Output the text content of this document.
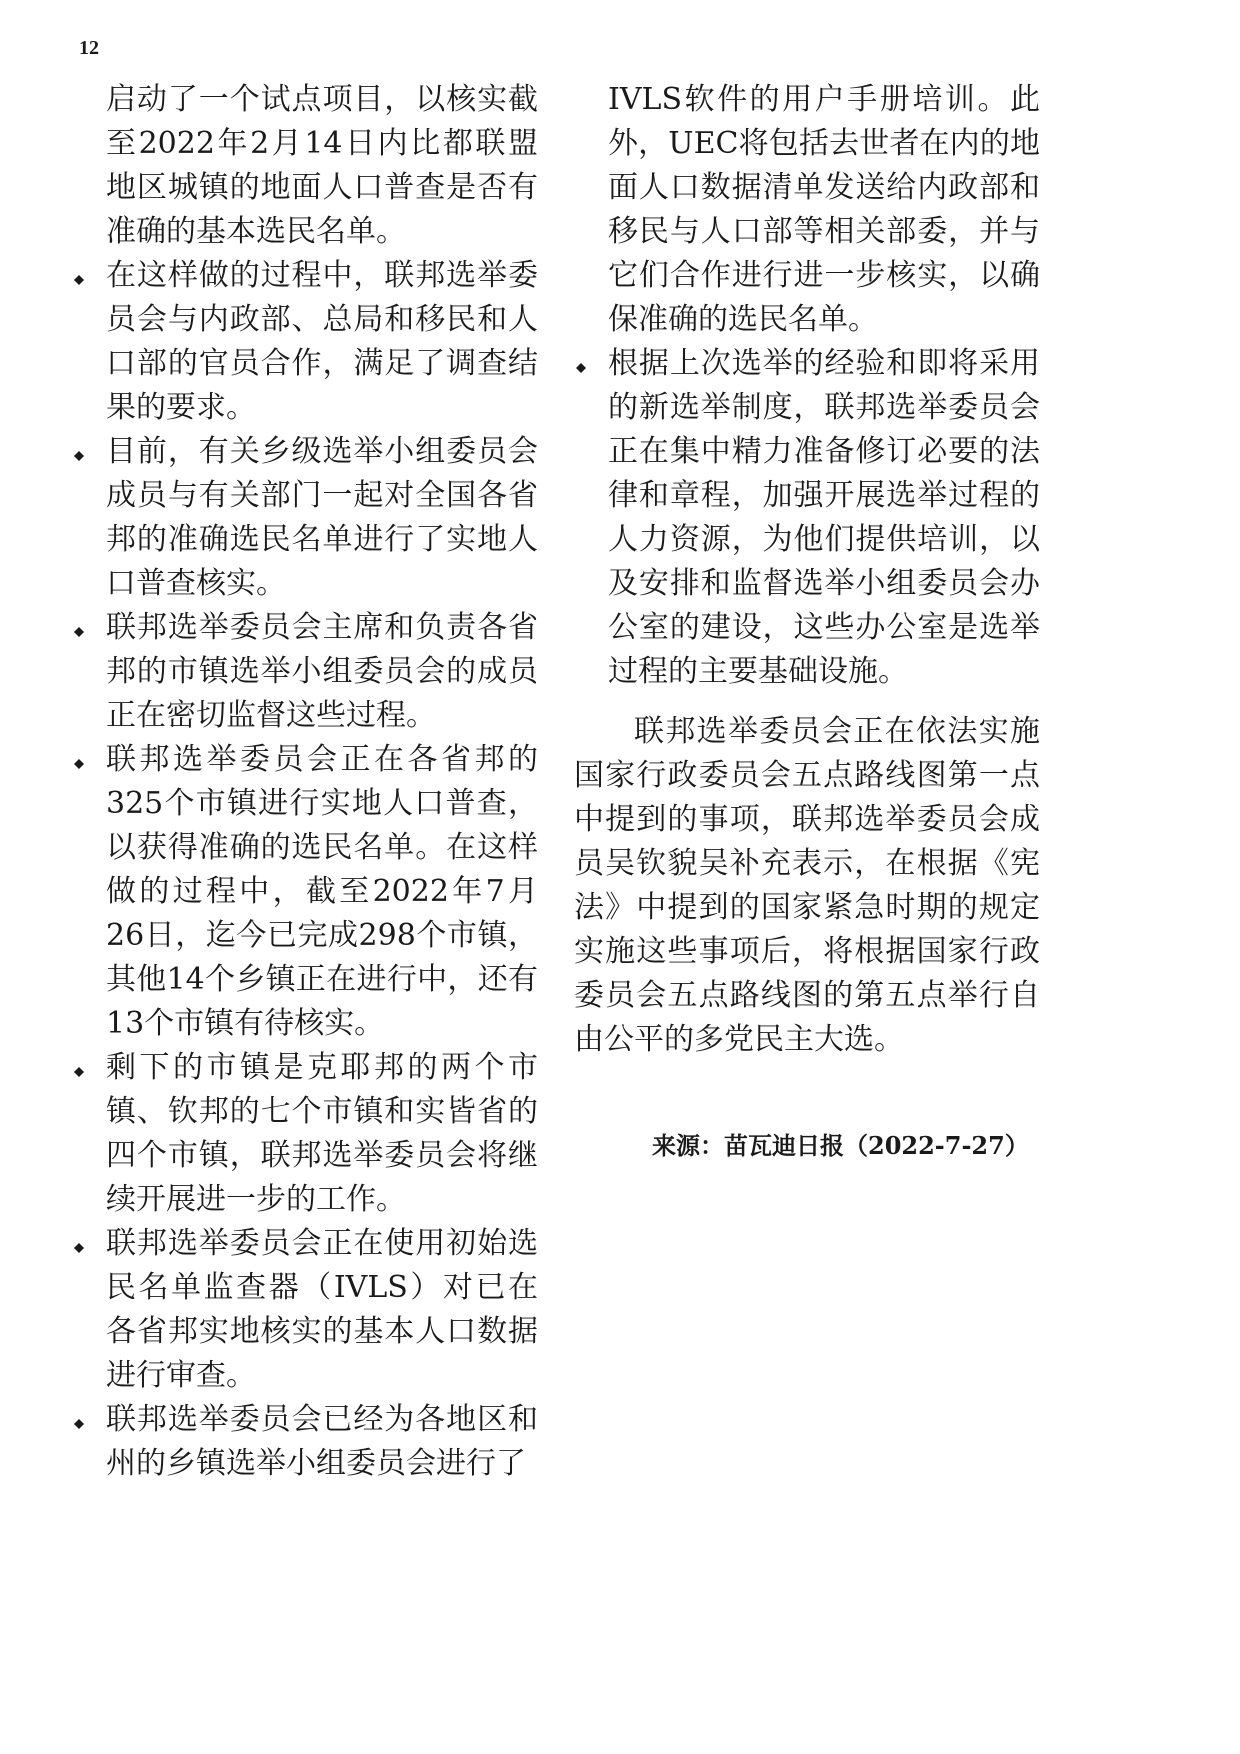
12

启动了一个试点项目，以核实截至2022年2月14日内比都联盟地区城镇的地面人口普查是否有准确的基本选民名单。

在这样做的过程中，联邦选举委员会与内政部、总局和移民和人口部的官员合作，满足了调查结果的要求。
目前，有关乡级选举小组委员会成员与有关部门一起对全国各省邦的准确选民名单进行了实地人口普查核实。
联邦选举委员会主席和负责各省邦的市镇选举小组委员会的成员正在密切监督这些过程。
联邦选举委员会正在各省邦的325个市镇进行实地人口普查，以获得准确的选民名单。在这样做的过程中，截至2022年7月26日，迄今已完成298个市镇，其他14个乡镇正在进行中，还有13个市镇有待核实。
剩下的市镇是克耶邦的两个市镇、钦邦的七个市镇和实皆省的四个市镇，联邦选举委员会将继续开展进一步的工作。
联邦选举委员会正在使用初始选民名单监查器（IVLS）对已在各省邦实地核实的基本人口数据进行审查。
联邦选举委员会已经为各地区和州的乡镇选举小组委员会进行了

IVLS软件的用户手册培训。此外，UEC将包括去世者在内的地面人口数据清单发送给内政部和移民与人口部等相关部委，并与它们合作进行进一步核实，以确保准确的选民名单。

根据上次选举的经验和即将采用的新选举制度，联邦选举委员会正在集中精力准备修订必要的法律和章程，加强开展选举过程的人力资源，为他们提供培训，以及安排和监督选举小组委员会办公室的建设，这些办公室是选举过程的主要基础设施。

联邦选举委员会正在依法实施国家行政委员会五点路线图第一点中提到的事项，联邦选举委员会成员吴钦貌吴补充表示，在根据《宪法》中提到的国家紧急时期的规定实施这些事项后，将根据国家行政委员会五点路线图的第五点举行自由公平的多党民主大选。

来源：苗瓦迪日报（2022-7-27）
